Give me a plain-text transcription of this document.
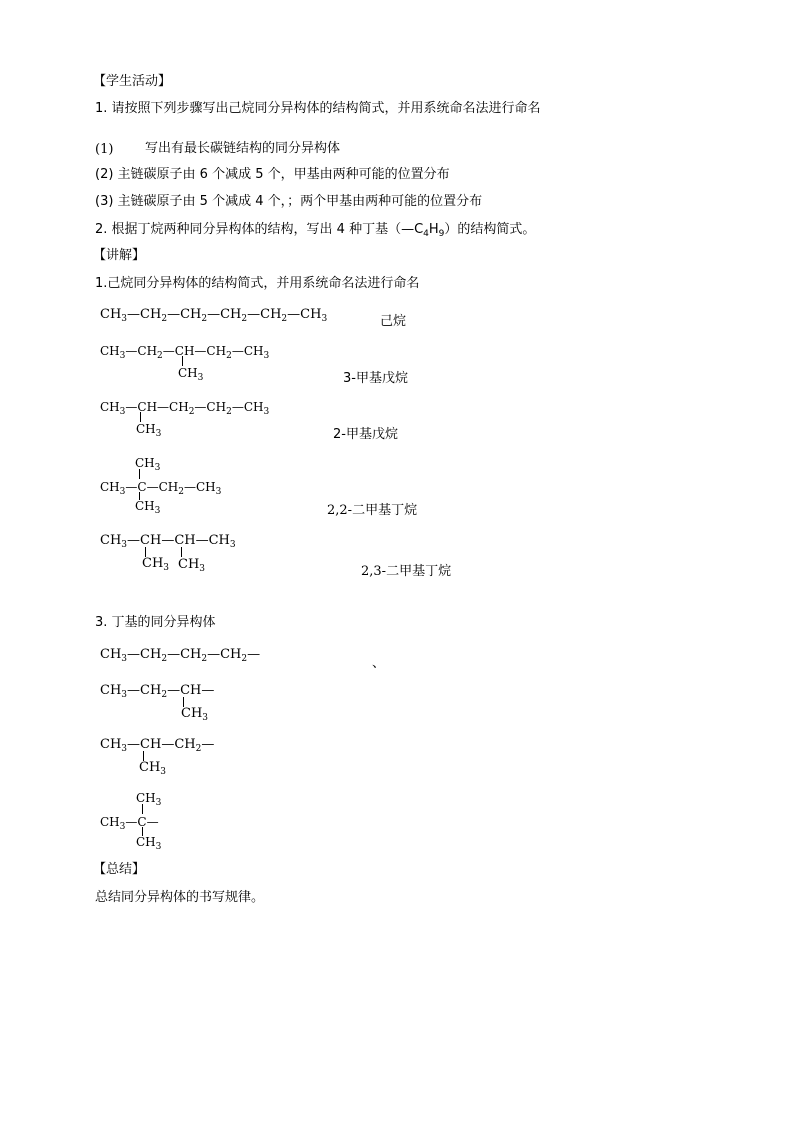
【学生活动】
1. 请按照下列步骤写出己烷同分异构体的结构简式，并用系统命名法进行命名
(1) 写出有最长碳链结构的同分异构体
(2) 主链碳原子由 6 个减成 5 个，甲基由两种可能的位置分布
(3) 主链碳原子由 5 个减成 4 个，；两个甲基由两种可能的位置分布
2. 根据丁烷两种同分异构体的结构，写出 4 种丁基$(—C_4H_9)$的结构简式。
【讲解】
1.己烷同分异构体的结构简式，并用系统命名法进行命名
$CH_3—CH_2—CH_2—CH_2—CH_2—CH_3$	己烷
$CH_3—CH_2—CH—CH_2—CH_3$
$CH_3$	3-甲基戊烷
$CH_3—CH—CH_2—CH_2—CH_3$
$CH_3$	2-甲基戊烷
$CH_3$
$CH_3—C—CH_2—CH_3$
$CH_3$	2,2-二甲基丁烷
$CH_3—CH—CH—CH_3$
$CH_3$ $CH_3$	2,3-二甲基丁烷
3. 丁基的同分异构体
$CH_3—CH_2—CH_2—CH_2—$
、
$CH_3—CH_2—CH—$
$CH_3$
$CH_3—CH—CH_2—$
$CH_3$
$CH_3$
$CH_3—C—$
$CH_3$
【总结】
总结同分异构体的书写规律。
